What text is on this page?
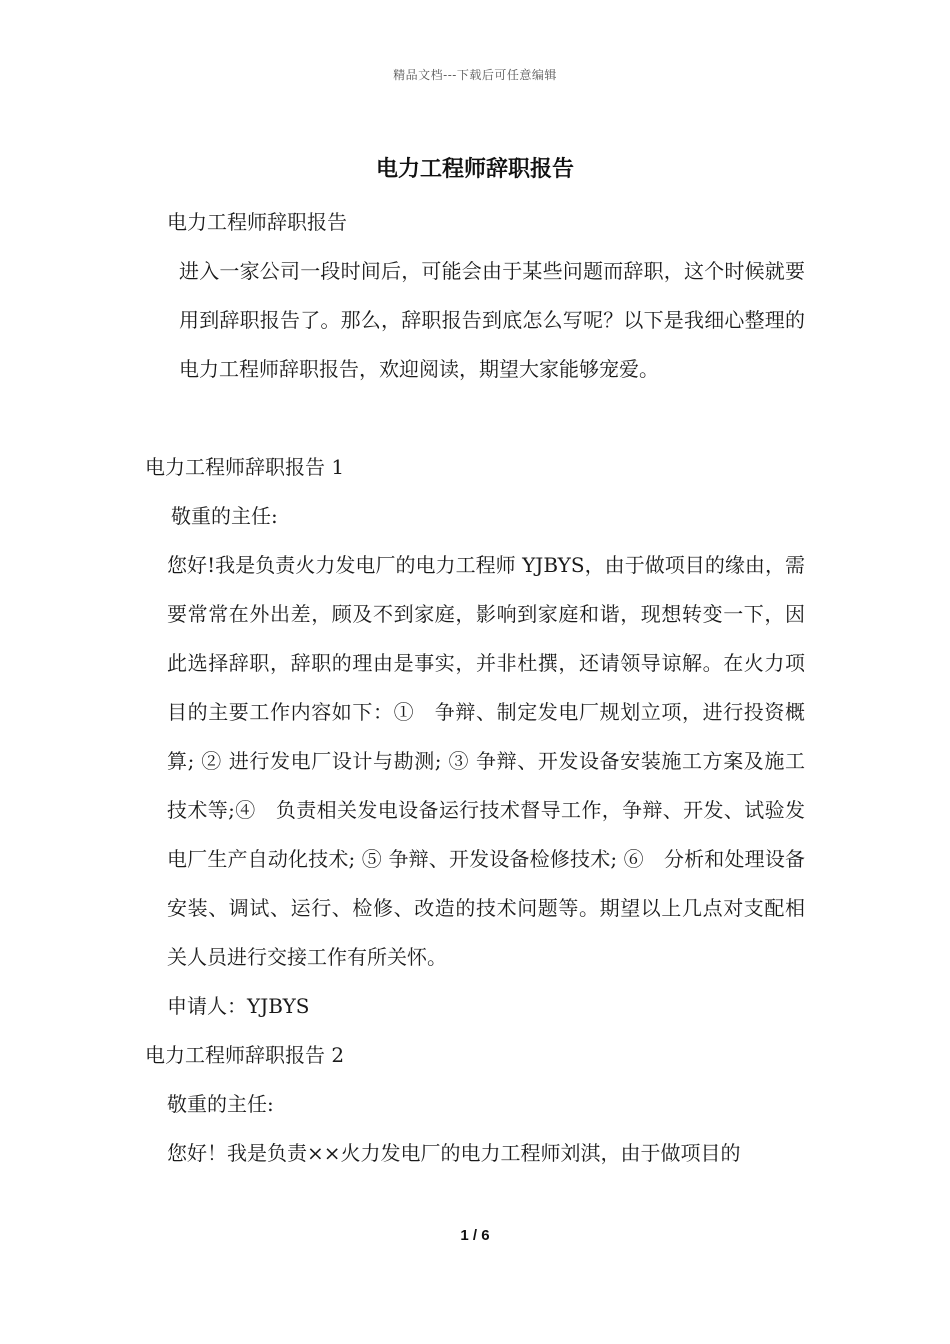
精品文档---下载后可任意编辑
电力工程师辞职报告

电力工程师辞职报告

进入一家公司一段时间后，可能会由于某些问题而辞职，这个时候就要用到辞职报告了。那么，辞职报告到底怎么写呢？以下是我细心整理的电力工程师辞职报告，欢迎阅读，期望大家能够宠爱。

电力工程师辞职报告 1

敬重的主任:

您好!我是负责火力发电厂的电力工程师 YJBYS，由于做项目的缘由，需要常常在外出差，顾及不到家庭，影响到家庭和谐，现想转变一下，因此选择辞职，辞职的理由是事实，并非杜撰，还请领导谅解。在火力项目的主要工作内容如下：①　争辩、制定发电厂规划立项，进行投资概算; ② 进行发电厂设计与勘测; ③ 争辩、开发设备安装施工方案及施工技术等;④　负责相关发电设备运行技术督导工作，争辩、开发、试验发电厂生产自动化技术; ⑤ 争辩、开发设备检修技术; ⑥　分析和处理设备安装、调试、运行、检修、改造的技术问题等。期望以上几点对支配相关人员进行交接工作有所关怀。

申请人：YJBYS

电力工程师辞职报告 2

敬重的主任:

您好！我是负责××火力发电厂的电力工程师刘淇，由于做项目的

1 / 6
